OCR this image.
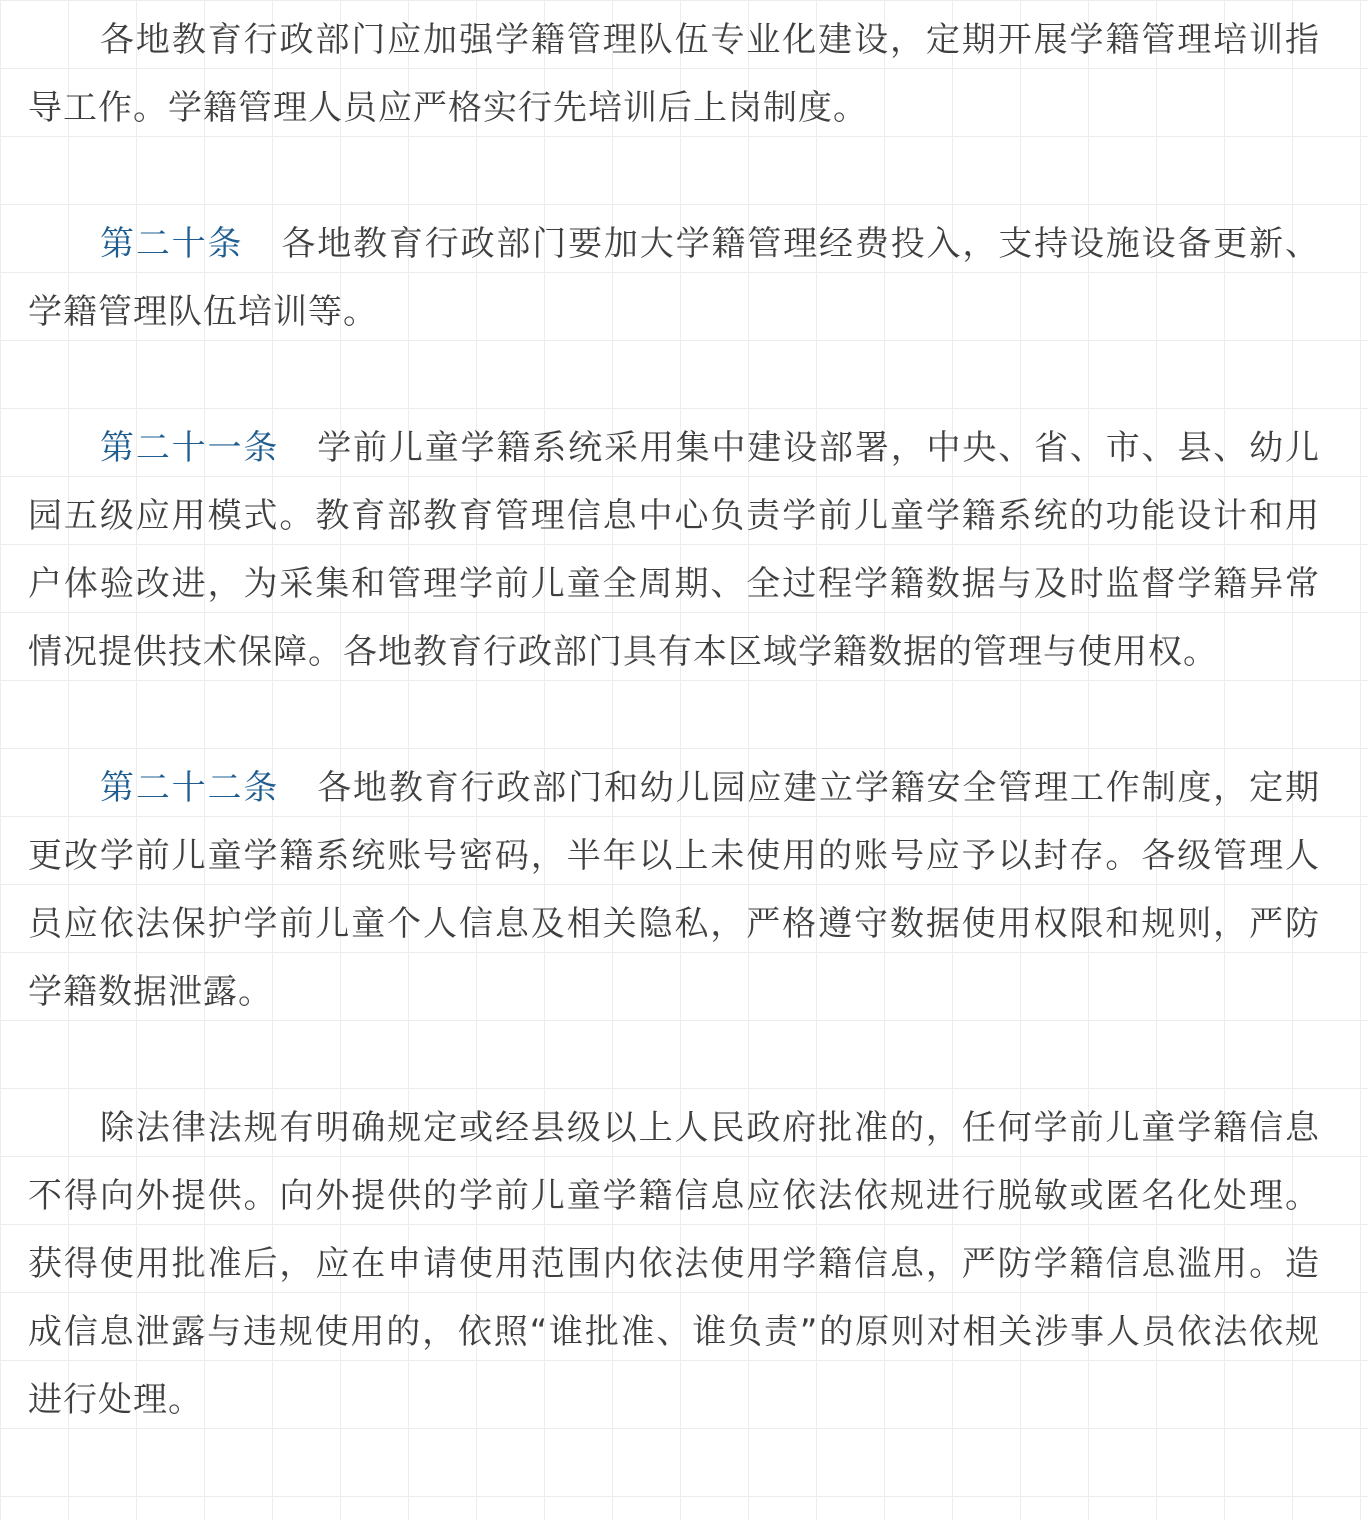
各地教育行政部门应加强学籍管理队伍专业化建设，定期开展学籍管理培训指导工作。学籍管理人员应严格实行先培训后上岗制度。

第二十条 各地教育行政部门要加大学籍管理经费投入，支持设施设备更新、学籍管理队伍培训等。

第二十一条 学前儿童学籍系统采用集中建设部署，中央、省、市、县、幼儿园五级应用模式。教育部教育管理信息中心负责学前儿童学籍系统的功能设计和用户体验改进，为采集和管理学前儿童全周期、全过程学籍数据与及时监督学籍异常情况提供技术保障。各地教育行政部门具有本区域学籍数据的管理与使用权。

第二十二条 各地教育行政部门和幼儿园应建立学籍安全管理工作制度，定期更改学前儿童学籍系统账号密码，半年以上未使用的账号应予以封存。各级管理人员应依法保护学前儿童个人信息及相关隐私，严格遵守数据使用权限和规则，严防学籍数据泄露。

除法律法规有明确规定或经县级以上人民政府批准的，任何学前儿童学籍信息不得向外提供。向外提供的学前儿童学籍信息应依法依规进行脱敏或匿名化处理。获得使用批准后，应在申请使用范围内依法使用学籍信息，严防学籍信息滥用。造成信息泄露与违规使用的，依照“谁批准、谁负责”的原则对相关涉事人员依法依规进行处理。
